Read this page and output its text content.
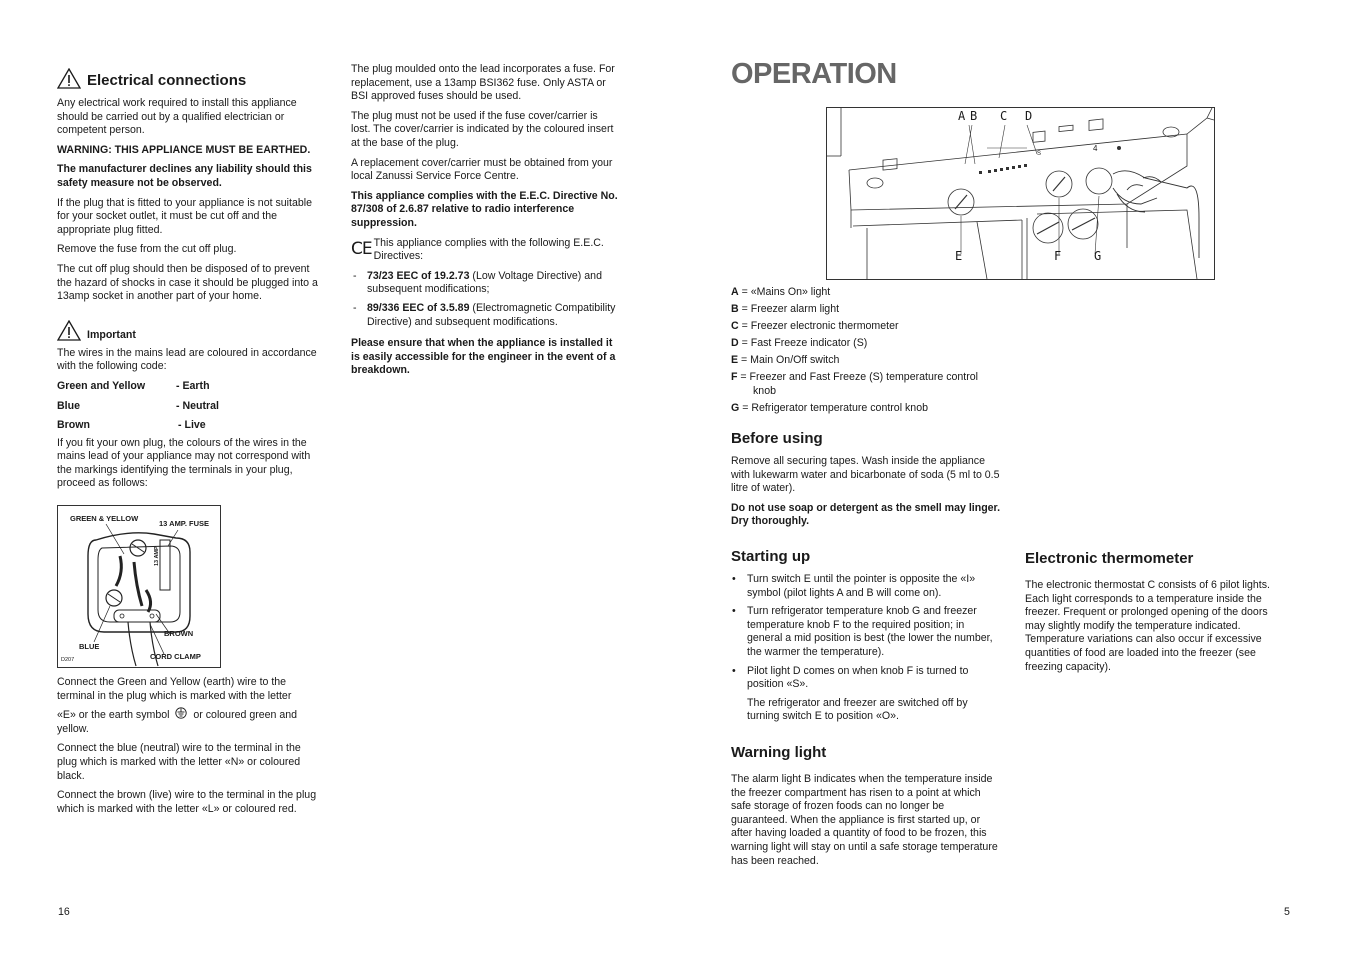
Electrical connections

Any electrical work required to install this appliance should be carried out by a qualified electrician or competent person.

WARNING: THIS APPLIANCE MUST BE EARTHED.

The manufacturer declines any liability should this safety measure not be observed.

If the plug that is fitted to your appliance is not suitable for your socket outlet, it must be cut off and the appropriate plug fitted.

Remove the fuse from the cut off plug.

The cut off plug should then be disposed of to prevent the hazard of shocks in case it should be plugged into a 13amp socket in another part of your home.

Important

The wires in the mains lead are coloured in accordance with the following code:

Green and Yellow	- Earth
Blue	- Neutral
Brown	- Live

If you fit your own plug, the colours of the wires in the mains lead of your appliance may not correspond with the markings identifying the terminals in your plug, proceed as follows:

GREEN & YELLOW
13 AMP. FUSE
13 AMP
BROWN
BLUE
CORD CLAMP
D207

Connect the Green and Yellow (earth) wire to the terminal in the plug which is marked with the letter

«E» or the earth symbol or coloured green and yellow.

Connect the blue (neutral) wire to the terminal in the plug which is marked with the letter «N» or coloured black.

Connect the brown (live) wire to the terminal in the plug which is marked with the letter «L» or coloured red.

16

The plug moulded onto the lead incorporates a fuse. For replacement, use a 13amp BSI362 fuse. Only ASTA or BSI approved fuses should be used.

The plug must not be used if the fuse cover/carrier is lost. The cover/carrier is indicated by the coloured insert at the base of the plug.

A replacement cover/carrier must be obtained from your local Zanussi Service Force Centre.

This appliance complies with the E.E.C. Directive No. 87/308 of 2.6.87 relative to radio interference suppression.

CE This appliance complies with the following E.E.C. Directives:

- 73/23 EEC of 19.2.73 (Low Voltage Directive) and subsequent modifications;
- 89/336 EEC of 3.5.89 (Electromagnetic Compatibility Directive) and subsequent modifications.

Please ensure that when the appliance is installed it is easily accessible for the engineer in the event of a breakdown.

OPERATION
A B C D
S
4
E	F	G
A = «Mains On» light
B = Freezer alarm light
C = Freezer electronic thermometer
D = Fast Freeze indicator (S)
E = Main On/Off switch
F = Freezer and Fast Freeze (S) temperature control knob
G = Refrigerator temperature control knob
Before using

Remove all securing tapes. Wash inside the appliance with lukewarm water and bicarbonate of soda (5 ml to 0.5 litre of water).

Do not use soap or detergent as the smell may linger. Dry thoroughly.

Starting up
• Turn switch E until the pointer is opposite the «I» symbol (pilot lights A and B will come on).
• Turn refrigerator temperature knob G and freezer temperature knob F to the required position; in general a mid position is best (the lower the number, the warmer the temperature).
• Pilot light D comes on when knob F is turned to position «S».

The refrigerator and freezer are switched off by turning switch E to position «O».

Warning light

The alarm light B indicates when the temperature inside the freezer compartment has risen to a point at which safe storage of frozen foods can no longer be guaranteed. When the appliance is first started up, or after having loaded a quantity of food to be frozen, this warning light will stay on until a safe storage temperature has been reached.

Electronic thermometer

The electronic thermostat C consists of 6 pilot lights. Each light corresponds to a temperature inside the freezer. Frequent or prolonged opening of the doors may slightly modify the temperature indicated. Temperature variations can also occur if excessive quantities of food are loaded into the freezer (see freezing capacity).

5
